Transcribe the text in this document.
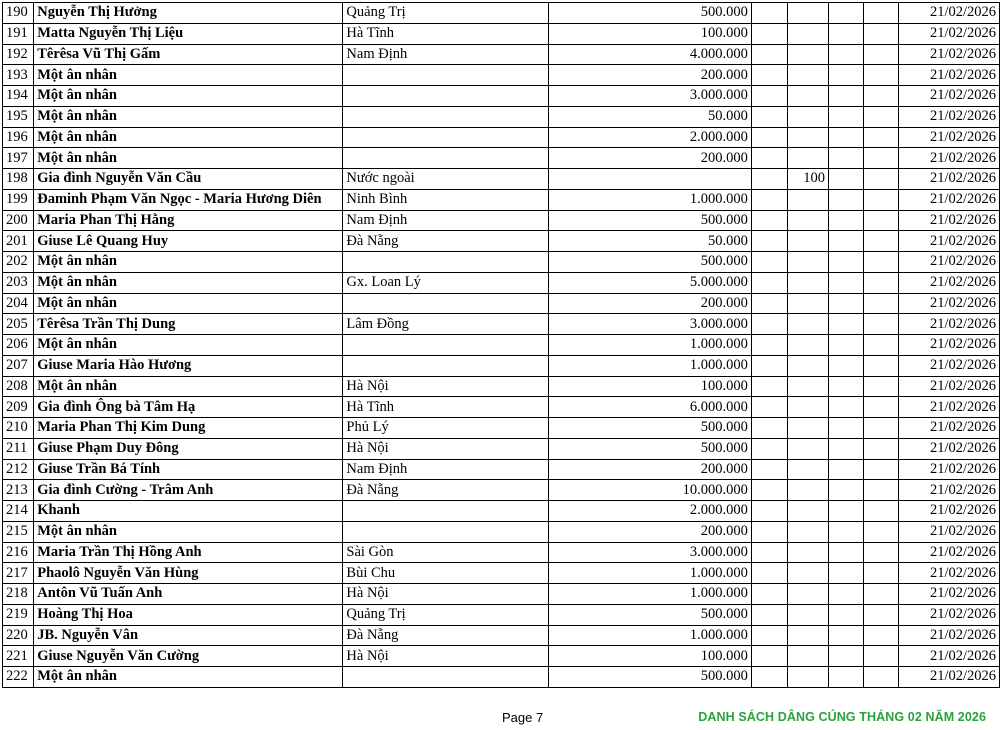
190	Nguyễn Thị Hưởng	Quảng Trị	500.000					21/02/2026
191	Matta Nguyễn Thị Liệu	Hà Tĩnh	100.000					21/02/2026
192	Têrêsa Vũ Thị Gấm	Nam Định	4.000.000					21/02/2026
193	Một ân nhân		200.000					21/02/2026
194	Một ân nhân		3.000.000					21/02/2026
195	Một ân nhân		50.000					21/02/2026
196	Một ân nhân		2.000.000					21/02/2026
197	Một ân nhân		200.000					21/02/2026
198	Gia đình Nguyễn Văn Cầu	Nước ngoài			100			21/02/2026
199	Đaminh Phạm Văn Ngọc - Maria Hương Diên	Ninh Bình	1.000.000					21/02/2026
200	Maria Phan Thị Hằng	Nam Định	500.000					21/02/2026
201	Giuse Lê Quang Huy	Đà Nẵng	50.000					21/02/2026
202	Một ân nhân		500.000					21/02/2026
203	Một ân nhân	Gx. Loan Lý	5.000.000					21/02/2026
204	Một ân nhân		200.000					21/02/2026
205	Têrêsa Trần Thị Dung	Lâm Đồng	3.000.000					21/02/2026
206	Một ân nhân		1.000.000					21/02/2026
207	Giuse Maria Hào Hương		1.000.000					21/02/2026
208	Một ân nhân	Hà Nội	100.000					21/02/2026
209	Gia đình Ông bà Tâm Hạ	Hà Tĩnh	6.000.000					21/02/2026
210	Maria Phan Thị Kim Dung	Phủ Lý	500.000					21/02/2026
211	Giuse Phạm Duy Đông	Hà Nội	500.000					21/02/2026
212	Giuse Trần Bá Tính	Nam Định	200.000					21/02/2026
213	Gia đình Cường - Trâm Anh	Đà Nẵng	10.000.000					21/02/2026
214	Khanh		2.000.000					21/02/2026
215	Một ân nhân		200.000					21/02/2026
216	Maria Trần Thị Hồng Anh	Sài Gòn	3.000.000					21/02/2026
217	Phaolô Nguyễn Văn Hùng	Bùi Chu	1.000.000					21/02/2026
218	Antôn Vũ Tuấn Anh	Hà Nội	1.000.000					21/02/2026
219	Hoàng Thị Hoa	Quảng Trị	500.000					21/02/2026
220	JB. Nguyễn Vân	Đà Nẵng	1.000.000					21/02/2026
221	Giuse Nguyễn Văn Cường	Hà Nội	100.000					21/02/2026
222	Một ân nhân		500.000					21/02/2026
Page 7	DANH SÁCH DÂNG CÚNG THÁNG 02 NĂM 2026
